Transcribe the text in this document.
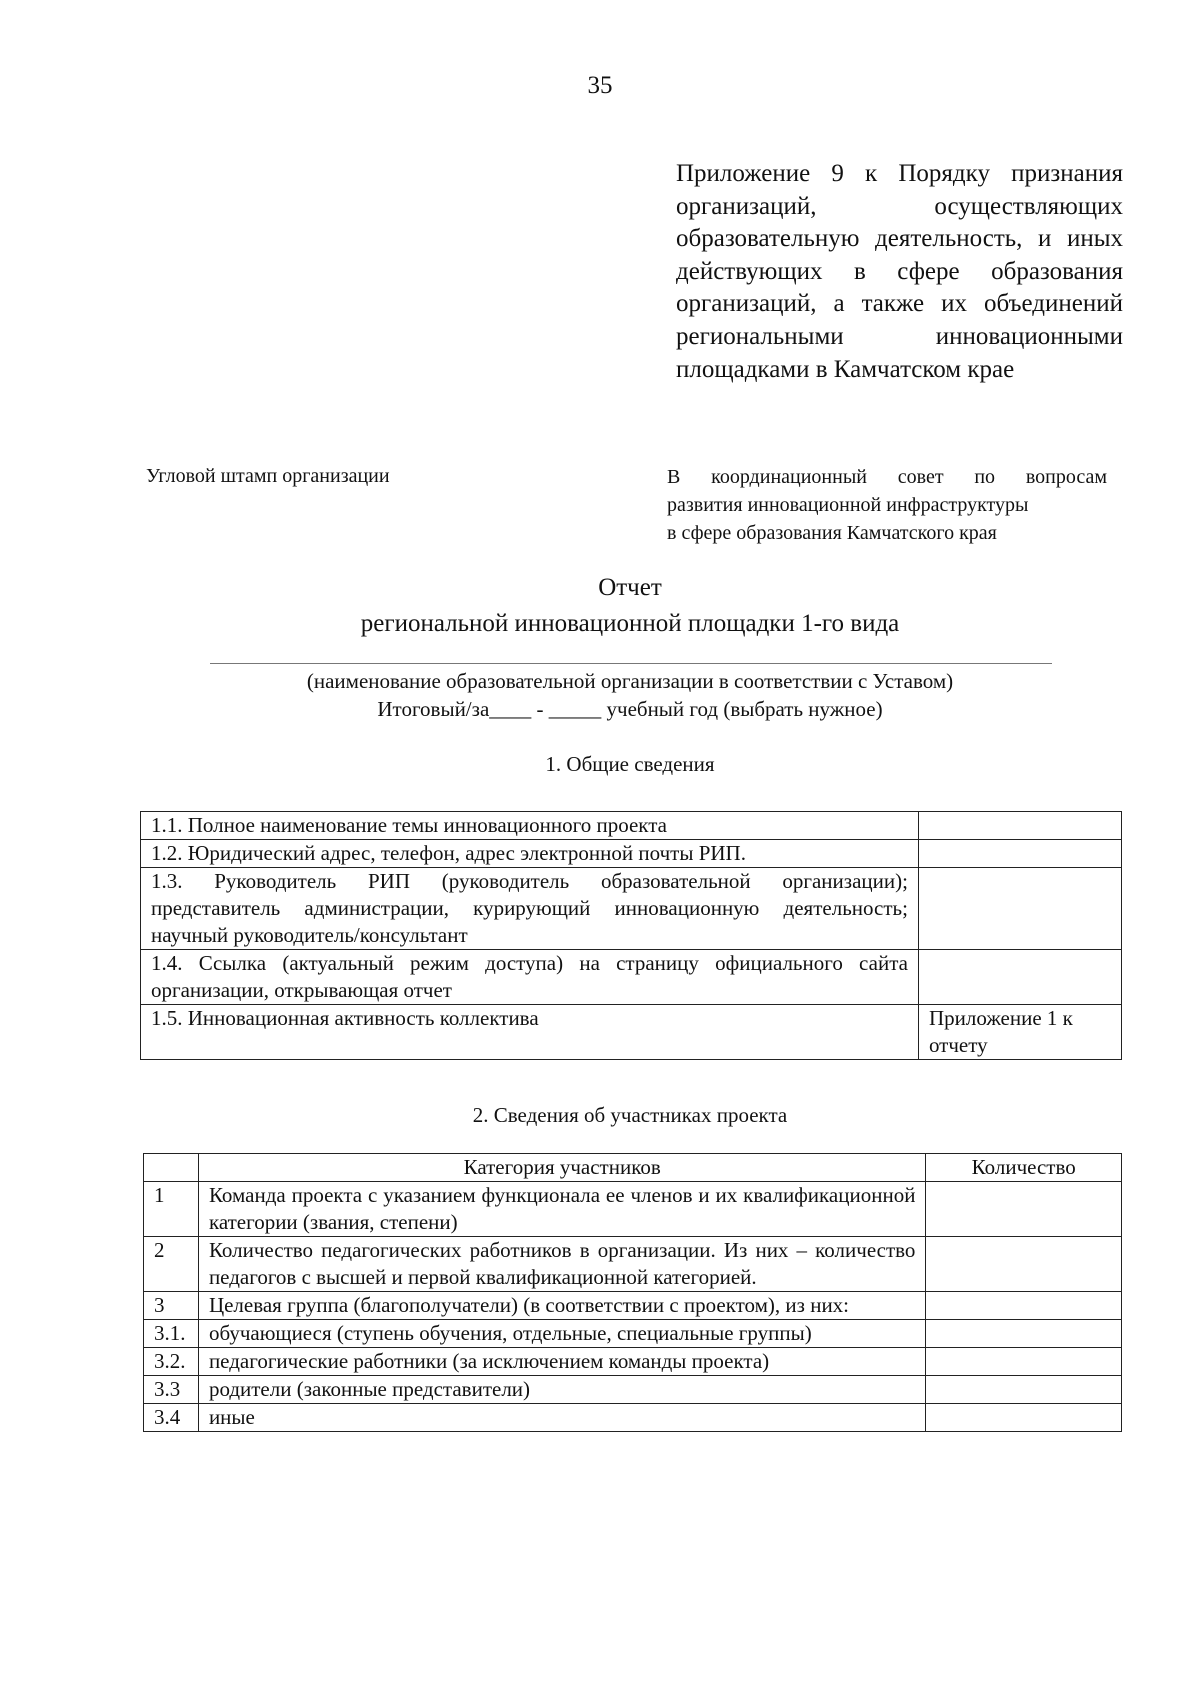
35
Приложение 9 к Порядку признания организаций, осуществляющих образовательную деятельность, и иных действующих в сфере образования организаций, а также их объединений региональными инновационными площадками в Камчатском крае
Угловой штамп организации	В координационный совет по вопросам
развития инновационной инфраструктуры
в сфере образования Камчатского края
Отчет
региональной инновационной площадки 1-го вида
(наименование образовательной организации в соответствии с Уставом)
Итоговый/за____ - _____ учебный год (выбрать нужное)
1. Общие сведения
1.1. Полное наименование темы инновационного проекта	
1.2. Юридический адрес, телефон, адрес электронной почты РИП.	
1.3. Руководитель РИП (руководитель образовательной организации); представитель администрации, курирующий инновационную деятельность; научный руководитель/консультант	
1.4. Ссылка (актуальный режим доступа) на страницу официального сайта организации, открывающая отчет	
1.5. Инновационная активность коллектива	Приложение 1 к отчету
2. Сведения об участниках проекта
	Категория участников	Количество
1	Команда проекта с указанием функционала ее членов и их квалификационной категории (звания, степени)	
2	Количество педагогических работников в организации. Из них – количество педагогов с высшей и первой квалификационной категорией.	
3	Целевая группа (благополучатели) (в соответствии с проектом), из них:	
3.1.	обучающиеся (ступень обучения, отдельные, специальные группы)	
3.2.	педагогические работники (за исключением команды проекта)	
3.3	родители (законные представители)	
3.4	иные	
